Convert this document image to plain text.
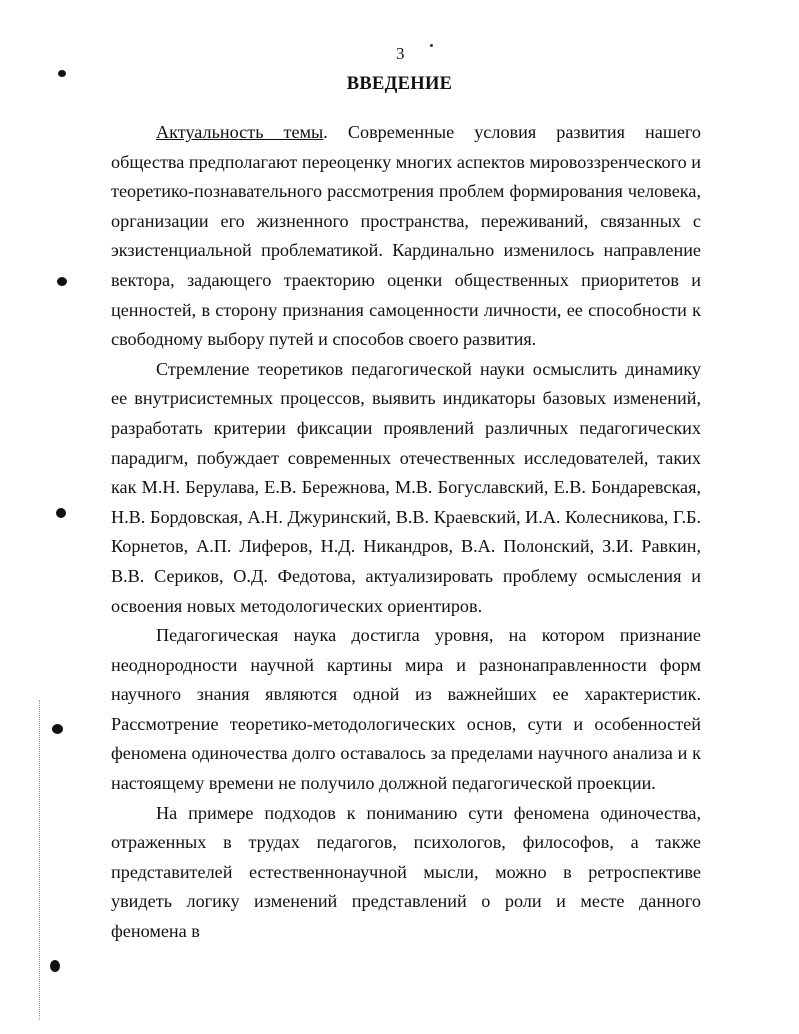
3
ВВЕДЕНИЕ

Актуальность темы. Современные условия развития нашего общества предполагают переоценку многих аспектов мировоззренческого и теоретико-познавательного рассмотрения проблем формирования человека, организации его жизненного пространства, переживаний, связанных с экзистенциальной проблематикой. Кардинально изменилось направление вектора, задающего траекторию оценки общественных приоритетов и ценностей, в сторону признания самоценности личности, ее способности к свободному выбору путей и способов своего развития.

Стремление теоретиков педагогической науки осмыслить динамику ее внутрисистемных процессов, выявить индикаторы базовых изменений, разработать критерии фиксации проявлений различных педагогических парадигм, побуждает современных отечественных исследователей, таких как М.Н. Берулава, Е.В. Бережнова, М.В. Богуславский, Е.В. Бондаревская, Н.В. Бордовская, А.Н. Джуринский, В.В. Краевский, И.А. Колесникова, Г.Б. Корнетов, А.П. Лиферов, Н.Д. Никандров, В.А. Полонский, З.И. Равкин, В.В. Сериков, О.Д. Федотова, актуализировать проблему осмысления и освоения новых методологических ориентиров.

Педагогическая наука достигла уровня, на котором признание неоднородности научной картины мира и разнонаправленности форм научного знания являются одной из важнейших ее характеристик. Рассмотрение теоретико-методологических основ, сути и особенностей феномена одиночества долго оставалось за пределами научного анализа и к настоящему времени не получило должной педагогической проекции.

На примере подходов к пониманию сути феномена одиночества, отраженных в трудах педагогов, психологов, философов, а также представителей естественнонаучной мысли, можно в ретроспективе увидеть логику изменений представлений о роли и месте данного феномена в
